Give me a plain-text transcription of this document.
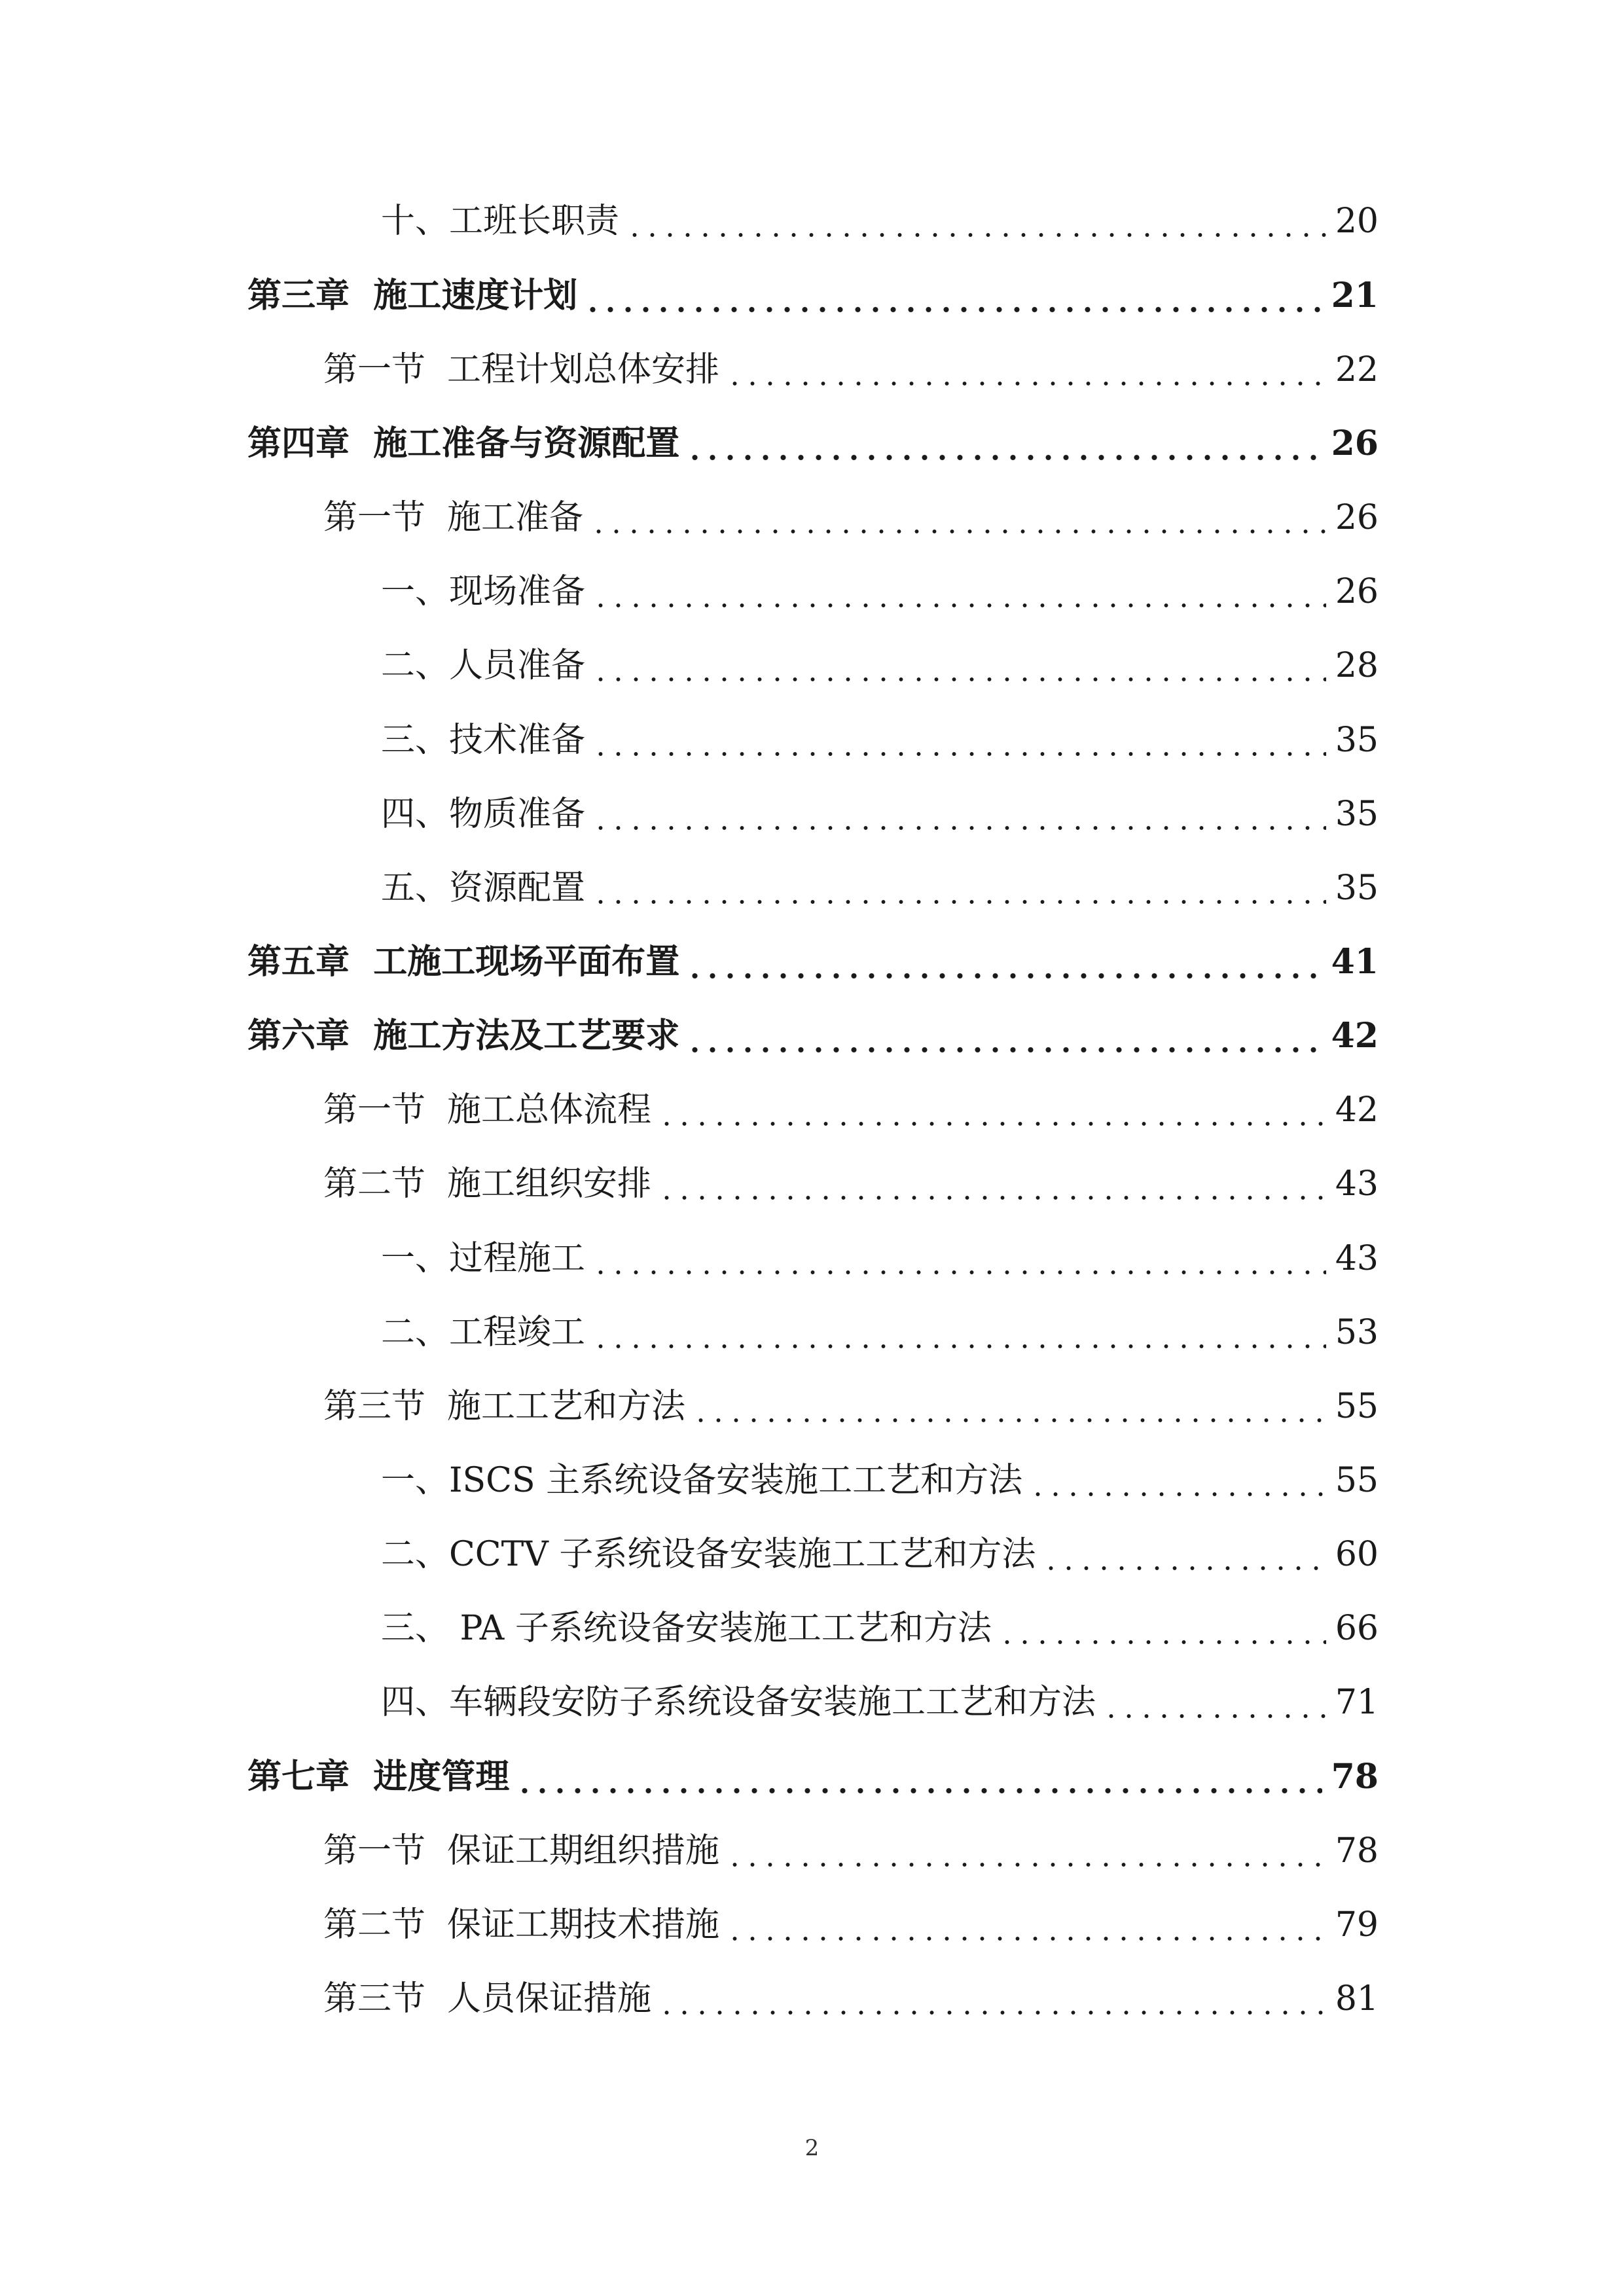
十、工班长职责	20
第三章  施工速度计划	21
第一节  工程计划总体安排	22
第四章  施工准备与资源配置	26
第一节  施工准备	26
一、现场准备	26
二、人员准备	28
三、技术准备	35
四、物质准备	35
五、资源配置	35
第五章  工施工现场平面布置	41
第六章  施工方法及工艺要求	42
第一节  施工总体流程	42
第二节  施工组织安排	43
一、过程施工	43
二、工程竣工	53
第三节  施工工艺和方法	55
一、ISCS 主系统设备安装施工工艺和方法	55
二、CCTV 子系统设备安装施工工艺和方法	60
三、 PA 子系统设备安装施工工艺和方法	66
四、车辆段安防子系统设备安装施工工艺和方法	71
第七章  进度管理	78
第一节  保证工期组织措施	78
第二节  保证工期技术措施	79
第三节  人员保证措施	81
2
